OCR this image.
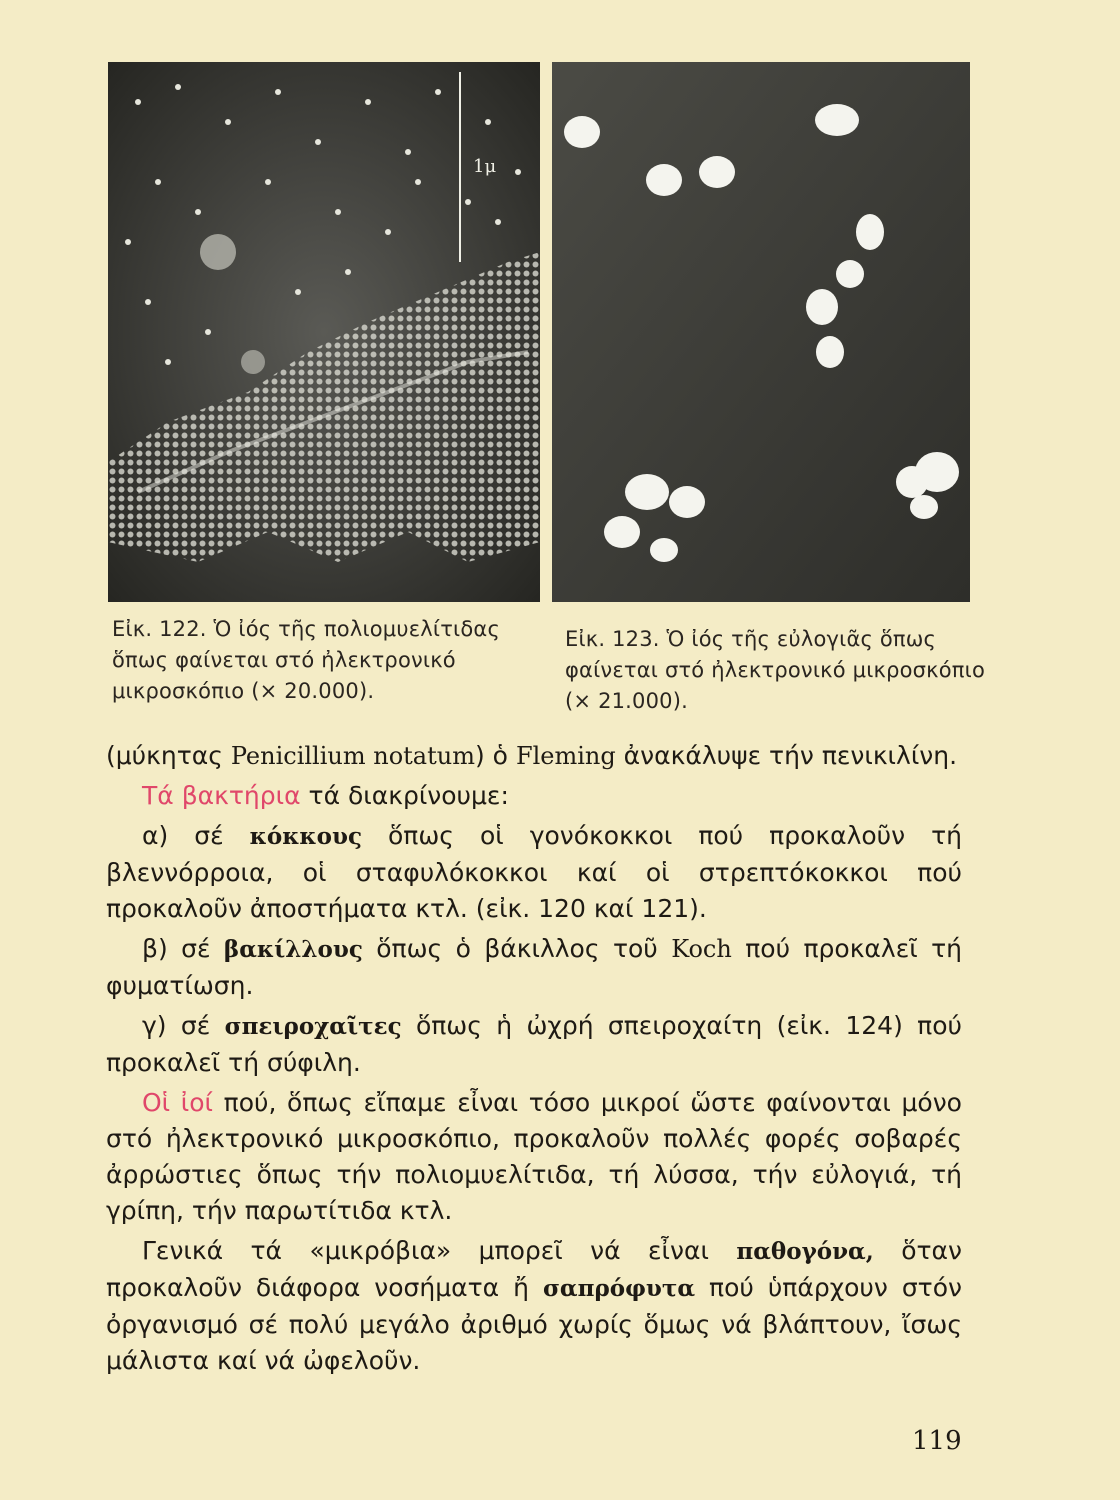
1μ
Εἰκ. 122. Ὁ ἰός τῆς πολιομυελίτιδας ὅπως φαίνεται στό ἠλεκτρονικό μικροσκόπιο (× 20.000).
Εἰκ. 123. Ὁ ἰός τῆς εὐλογιᾶς ὅπως φαίνεται στό ἠλεκτρονικό μικροσκόπιο (× 21.000).

(μύκητας Penicillium notatum) ὁ Fleming ἀνακάλυψε τήν πενικιλίνη.

Τά βακτήρια τά διακρίνουμε:

α) σέ κόκκους ὅπως οἱ γονόκοκκοι πού προκαλοῦν τή βλεννόρροια, οἱ σταφυλόκοκκοι καί οἱ στρεπτόκοκκοι πού προκαλοῦν ἀποστήματα κτλ. (εἰκ. 120 καί 121).

β) σέ βακίλλους ὅπως ὁ βάκιλλος τοῦ Koch πού προκαλεῖ τή φυματίωση.

γ) σέ σπειροχαῖτες ὅπως ἡ ὠχρή σπειροχαίτη (εἰκ. 124) πού προκαλεῖ τή σύφιλη.

Οἱ ἰοί πού, ὅπως εἴπαμε εἶναι τόσο μικροί ὥστε φαίνονται μόνο στό ἠλεκτρονικό μικροσκόπιο, προκαλοῦν πολλές φορές σοβαρές ἀρρώστιες ὅπως τήν πολιομυελίτιδα, τή λύσσα, τήν εὐλογιά, τή γρίπη, τήν παρωτίτιδα κτλ.

Γενικά τά «μικρόβια» μπορεῖ νά εἶναι παθογόνα, ὅταν προκαλοῦν διάφορα νοσήματα ἤ σαπρόφυτα πού ὑπάρχουν στόν ὀργανισμό σέ πολύ μεγάλο ἀριθμό χωρίς ὅμως νά βλάπτουν, ἴσως μάλιστα καί νά ὠφελοῦν.

119
